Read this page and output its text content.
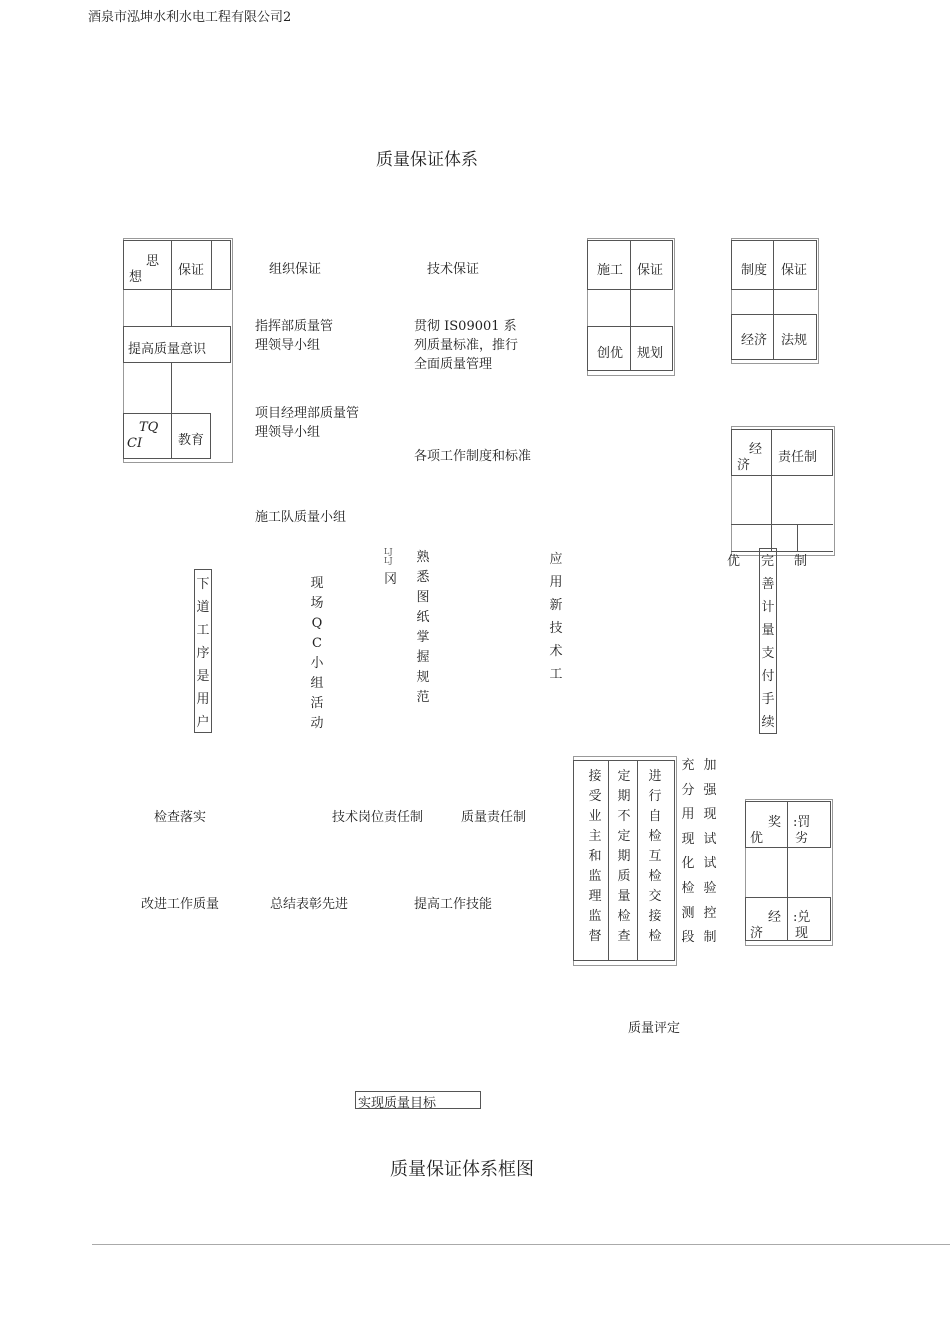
酒泉市泓坤水利水电工程有限公司2
质量保证体系
思
想	保证
提高质量意识
TQ
CI	教育
组织保证
指挥部质量管理领导小组
项目经理部质量管理领导小组
施工队质量小组
技术保证
贯彻 IS09001 系列质量标准，推行全面质量管理
各项工作制度和标准
施工 保证
创优 规划
制度 保证
经济 法规
经
济
责任制
下道工序是用户
现场QC小组活动
LJ
LJ
冈
熟悉图纸掌握规范
应用新技术工
优 完 制
善计量支付手续
检查落实	技术岗位责任制	质量责任制
改进工作质量	总结表彰先进	提高工作技能
接受业主和监理监督
定期不定期质量检查
进行自检互检交接检
充分用现化检测段
加强现试试验控制
奖
优
:罚
劣
经
济
:兑
现
质量评定
实现质量目标
质量保证体系框图
